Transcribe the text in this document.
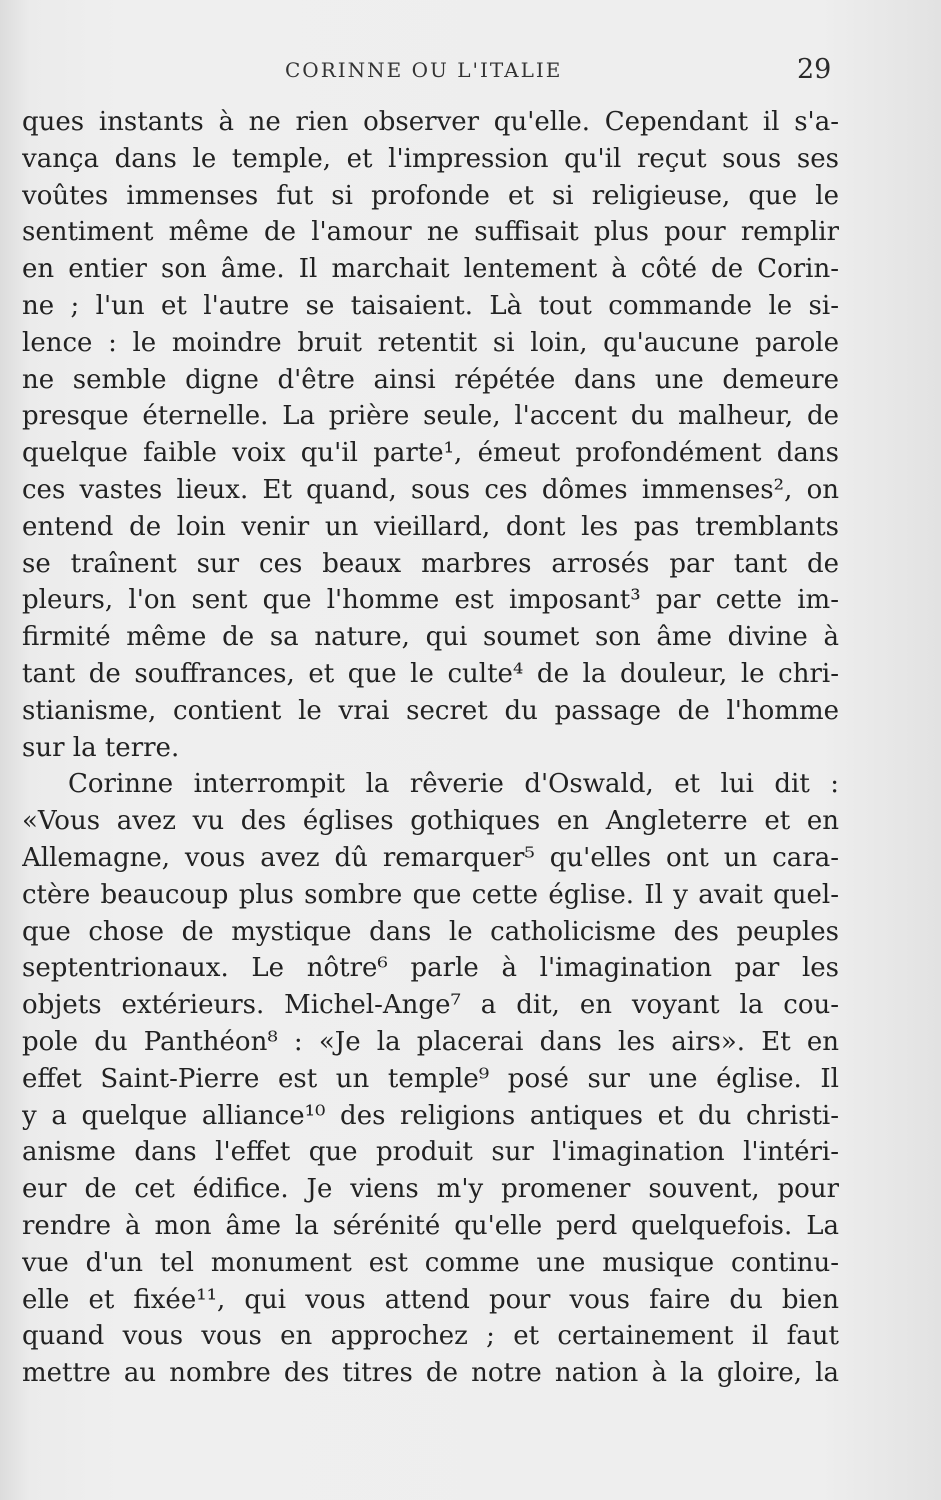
CORINNE OU L'ITALIE	29
ques instants à ne rien observer qu'elle. Cependant il s'a-
vança dans le temple, et l'impression qu'il reçut sous ses
voûtes immenses fut si profonde et si religieuse, que le
sentiment même de l'amour ne suffisait plus pour remplir
en entier son âme. Il marchait lentement à côté de Corin-
ne ; l'un et l'autre se taisaient. Là tout commande le si-
lence : le moindre bruit retentit si loin, qu'aucune parole
ne semble digne d'être ainsi répétée dans une demeure
presque éternelle. La prière seule, l'accent du malheur, de
quelque faible voix qu'il parte¹, émeut profondément dans
ces vastes lieux. Et quand, sous ces dômes immenses², on
entend de loin venir un vieillard, dont les pas tremblants
se traînent sur ces beaux marbres arrosés par tant de
pleurs, l'on sent que l'homme est imposant³ par cette im-
firmité même de sa nature, qui soumet son âme divine à
tant de souffrances, et que le culte⁴ de la douleur, le chri-
stianisme, contient le vrai secret du passage de l'homme
sur la terre.
Corinne interrompit la rêverie d'Oswald, et lui dit :
«Vous avez vu des églises gothiques en Angleterre et en
Allemagne, vous avez dû remarquer⁵ qu'elles ont un cara-
ctère beaucoup plus sombre que cette église. Il y avait quel-
que chose de mystique dans le catholicisme des peuples
septentrionaux. Le nôtre⁶ parle à l'imagination par les
objets extérieurs. Michel-Ange⁷ a dit, en voyant la cou-
pole du Panthéon⁸ : «Je la placerai dans les airs». Et en
effet Saint-Pierre est un temple⁹ posé sur une église. Il
y a quelque alliance¹⁰ des religions antiques et du christi-
anisme dans l'effet que produit sur l'imagination l'intéri-
eur de cet édifice. Je viens m'y promener souvent, pour
rendre à mon âme la sérénité qu'elle perd quelquefois. La
vue d'un tel monument est comme une musique continu-
elle et fixée¹¹, qui vous attend pour vous faire du bien
quand vous vous en approchez ; et certainement il faut
mettre au nombre des titres de notre nation à la gloire, la
